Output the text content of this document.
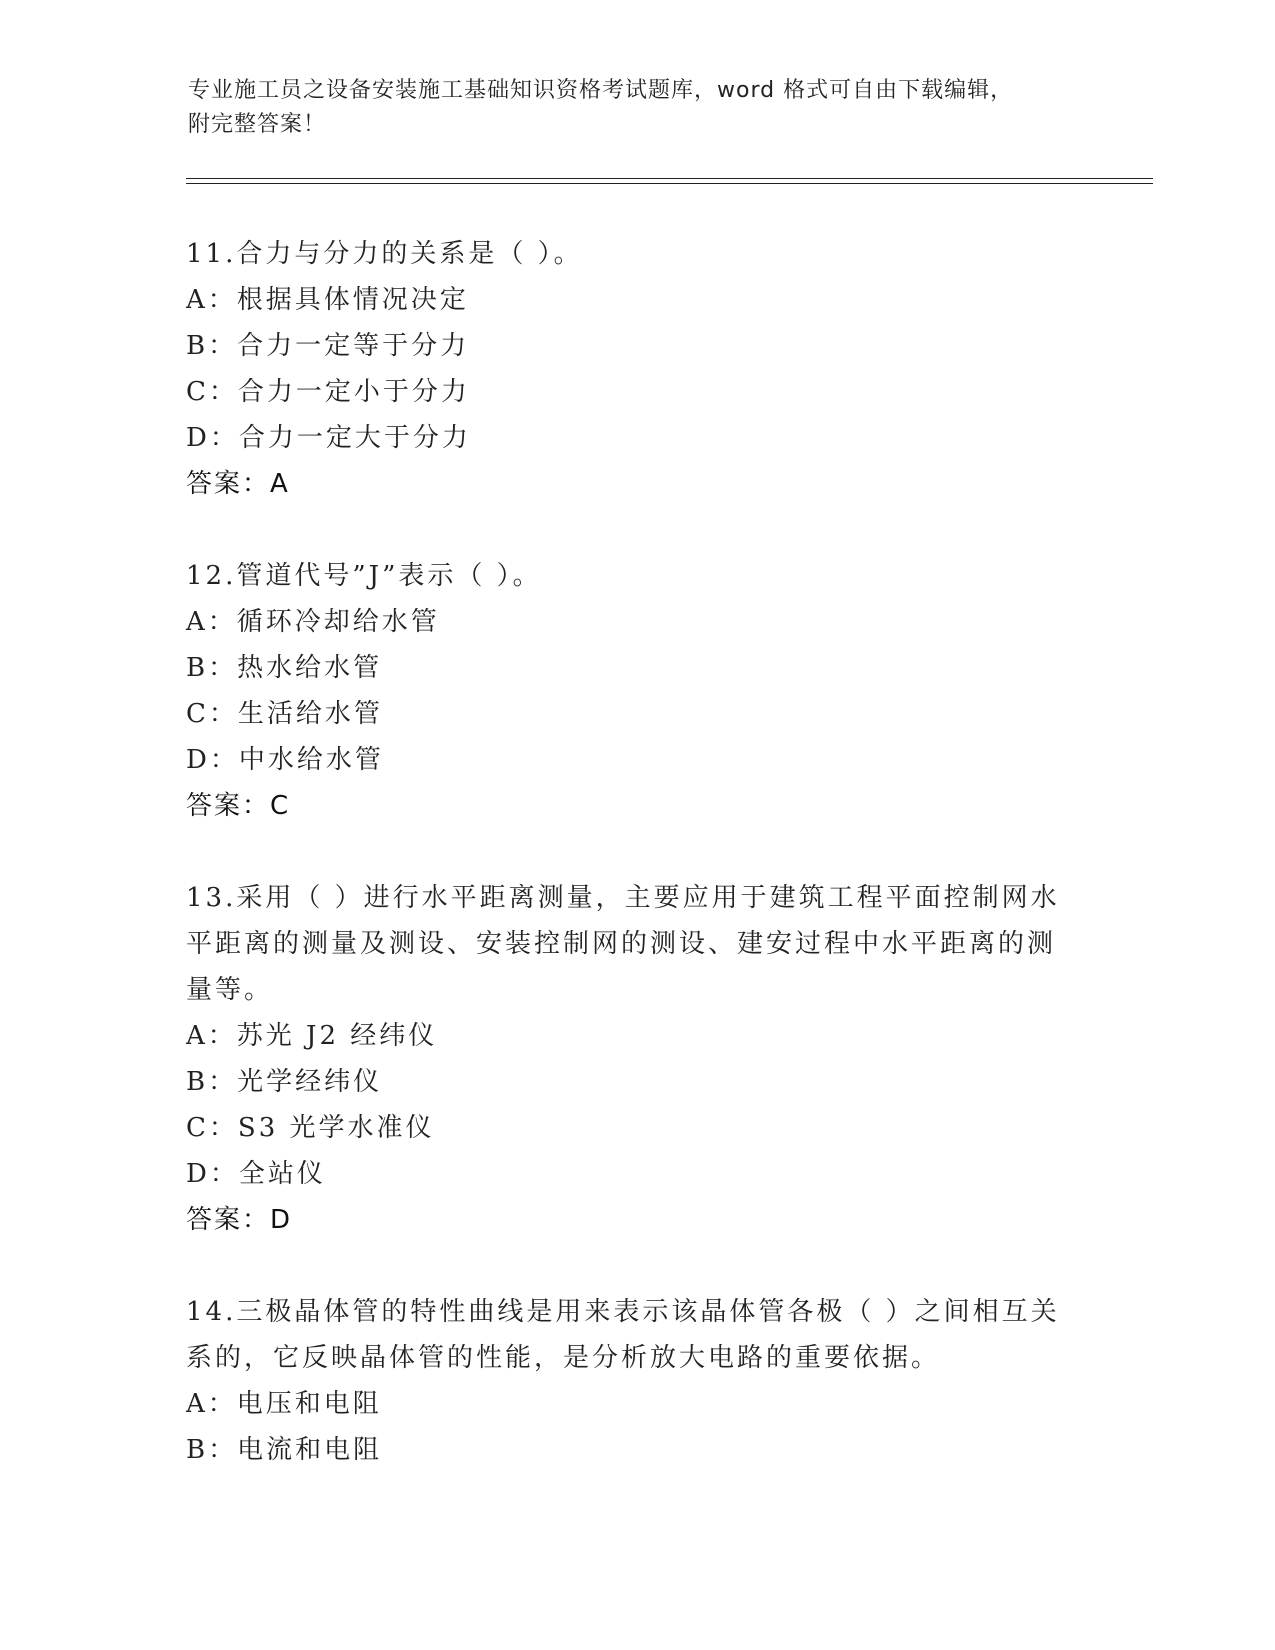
专业施工员之设备安装施工基础知识资格考试题库，word 格式可自由下载编辑，
附完整答案！
11.合力与分力的关系是（ ）。
A：根据具体情况决定
B：合力一定等于分力
C：合力一定小于分力
D：合力一定大于分力
答案：A
12.管道代号”J”表示（ ）。
A：循环冷却给水管
B：热水给水管
C：生活给水管
D：中水给水管
答案：C
13.采用（ ）进行水平距离测量，主要应用于建筑工程平面控制网水
平距离的测量及测设、安装控制网的测设、建安过程中水平距离的测
量等。
A：苏光 J2 经纬仪
B：光学经纬仪
C：S3 光学水准仪
D：全站仪
答案：D
14.三极晶体管的特性曲线是用来表示该晶体管各极（ ）之间相互关
系的，它反映晶体管的性能，是分析放大电路的重要依据。
A：电压和电阻
B：电流和电阻
